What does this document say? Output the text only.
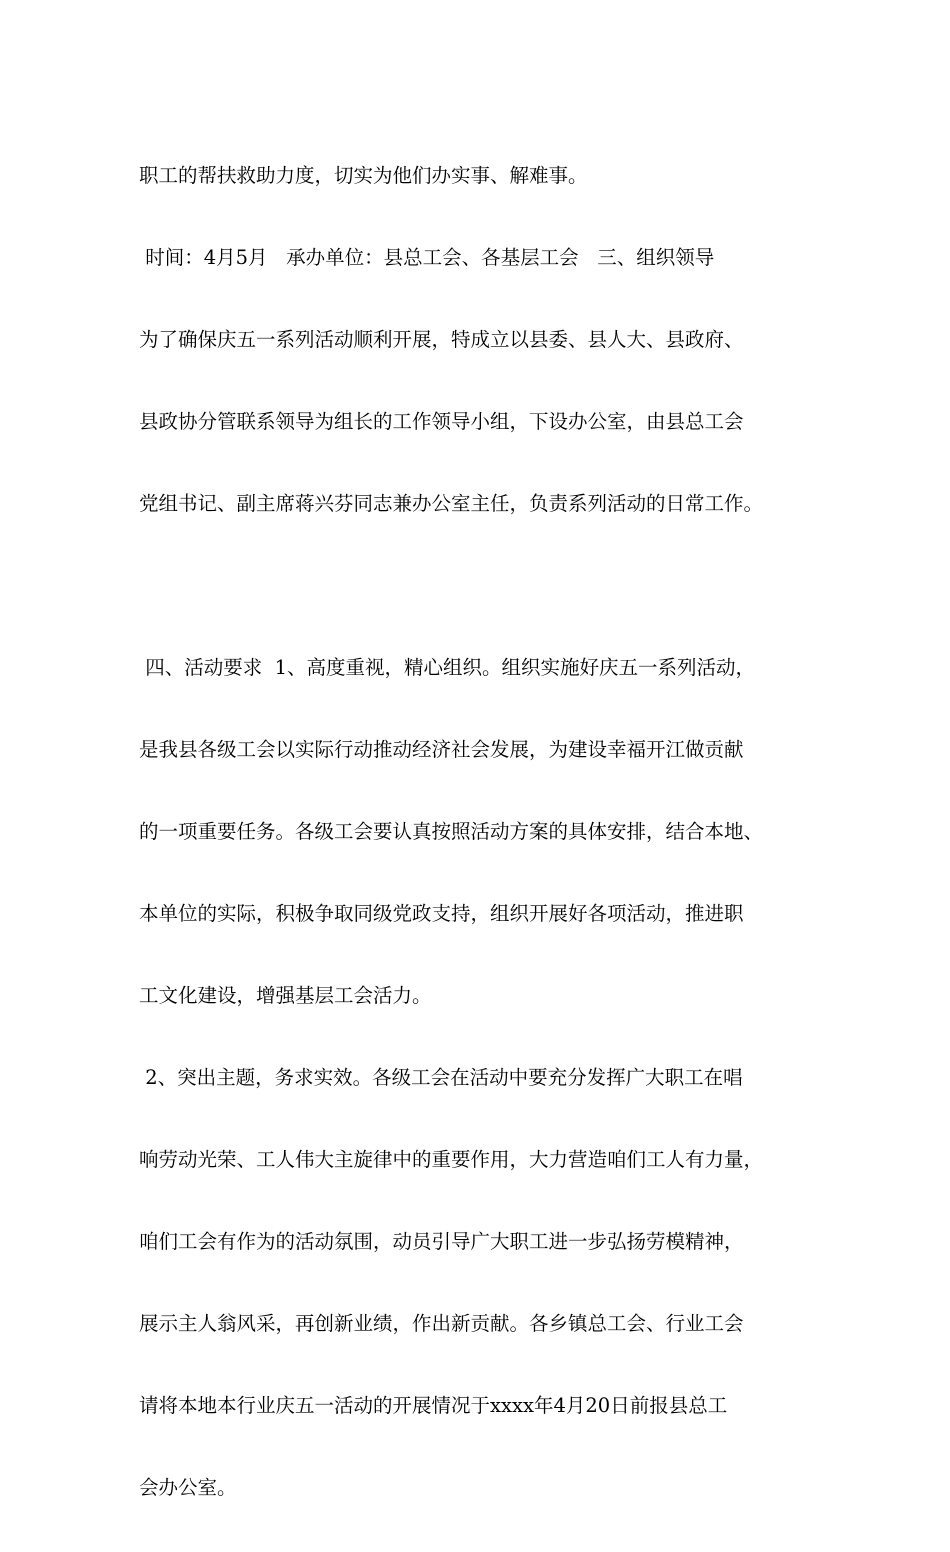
职工的帮扶救助力度，切实为他们办实事、解难事。

时间：4月5月   承办单位：县总工会、各基层工会   三、组织领导

为了确保庆五一系列活动顺利开展，特成立以县委、县人大、县政府、

县政协分管联系领导为组长的工作领导小组，下设办公室，由县总工会

党组书记、副主席蒋兴芬同志兼办公室主任，负责系列活动的日常工作。

四、活动要求  1、高度重视，精心组织。组织实施好庆五一系列活动，

是我县各级工会以实际行动推动经济社会发展，为建设幸福开江做贡献

的一项重要任务。各级工会要认真按照活动方案的具体安排，结合本地、

本单位的实际，积极争取同级党政支持，组织开展好各项活动，推进职

工文化建设，增强基层工会活力。

2、突出主题，务求实效。各级工会在活动中要充分发挥广大职工在唱

响劳动光荣、工人伟大主旋律中的重要作用，大力营造咱们工人有力量，

咱们工会有作为的活动氛围，动员引导广大职工进一步弘扬劳模精神，

展示主人翁风采，再创新业绩，作出新贡献。各乡镇总工会、行业工会

请将本地本行业庆五一活动的开展情况于xxxx年4月20日前报县总工

会办公室。
